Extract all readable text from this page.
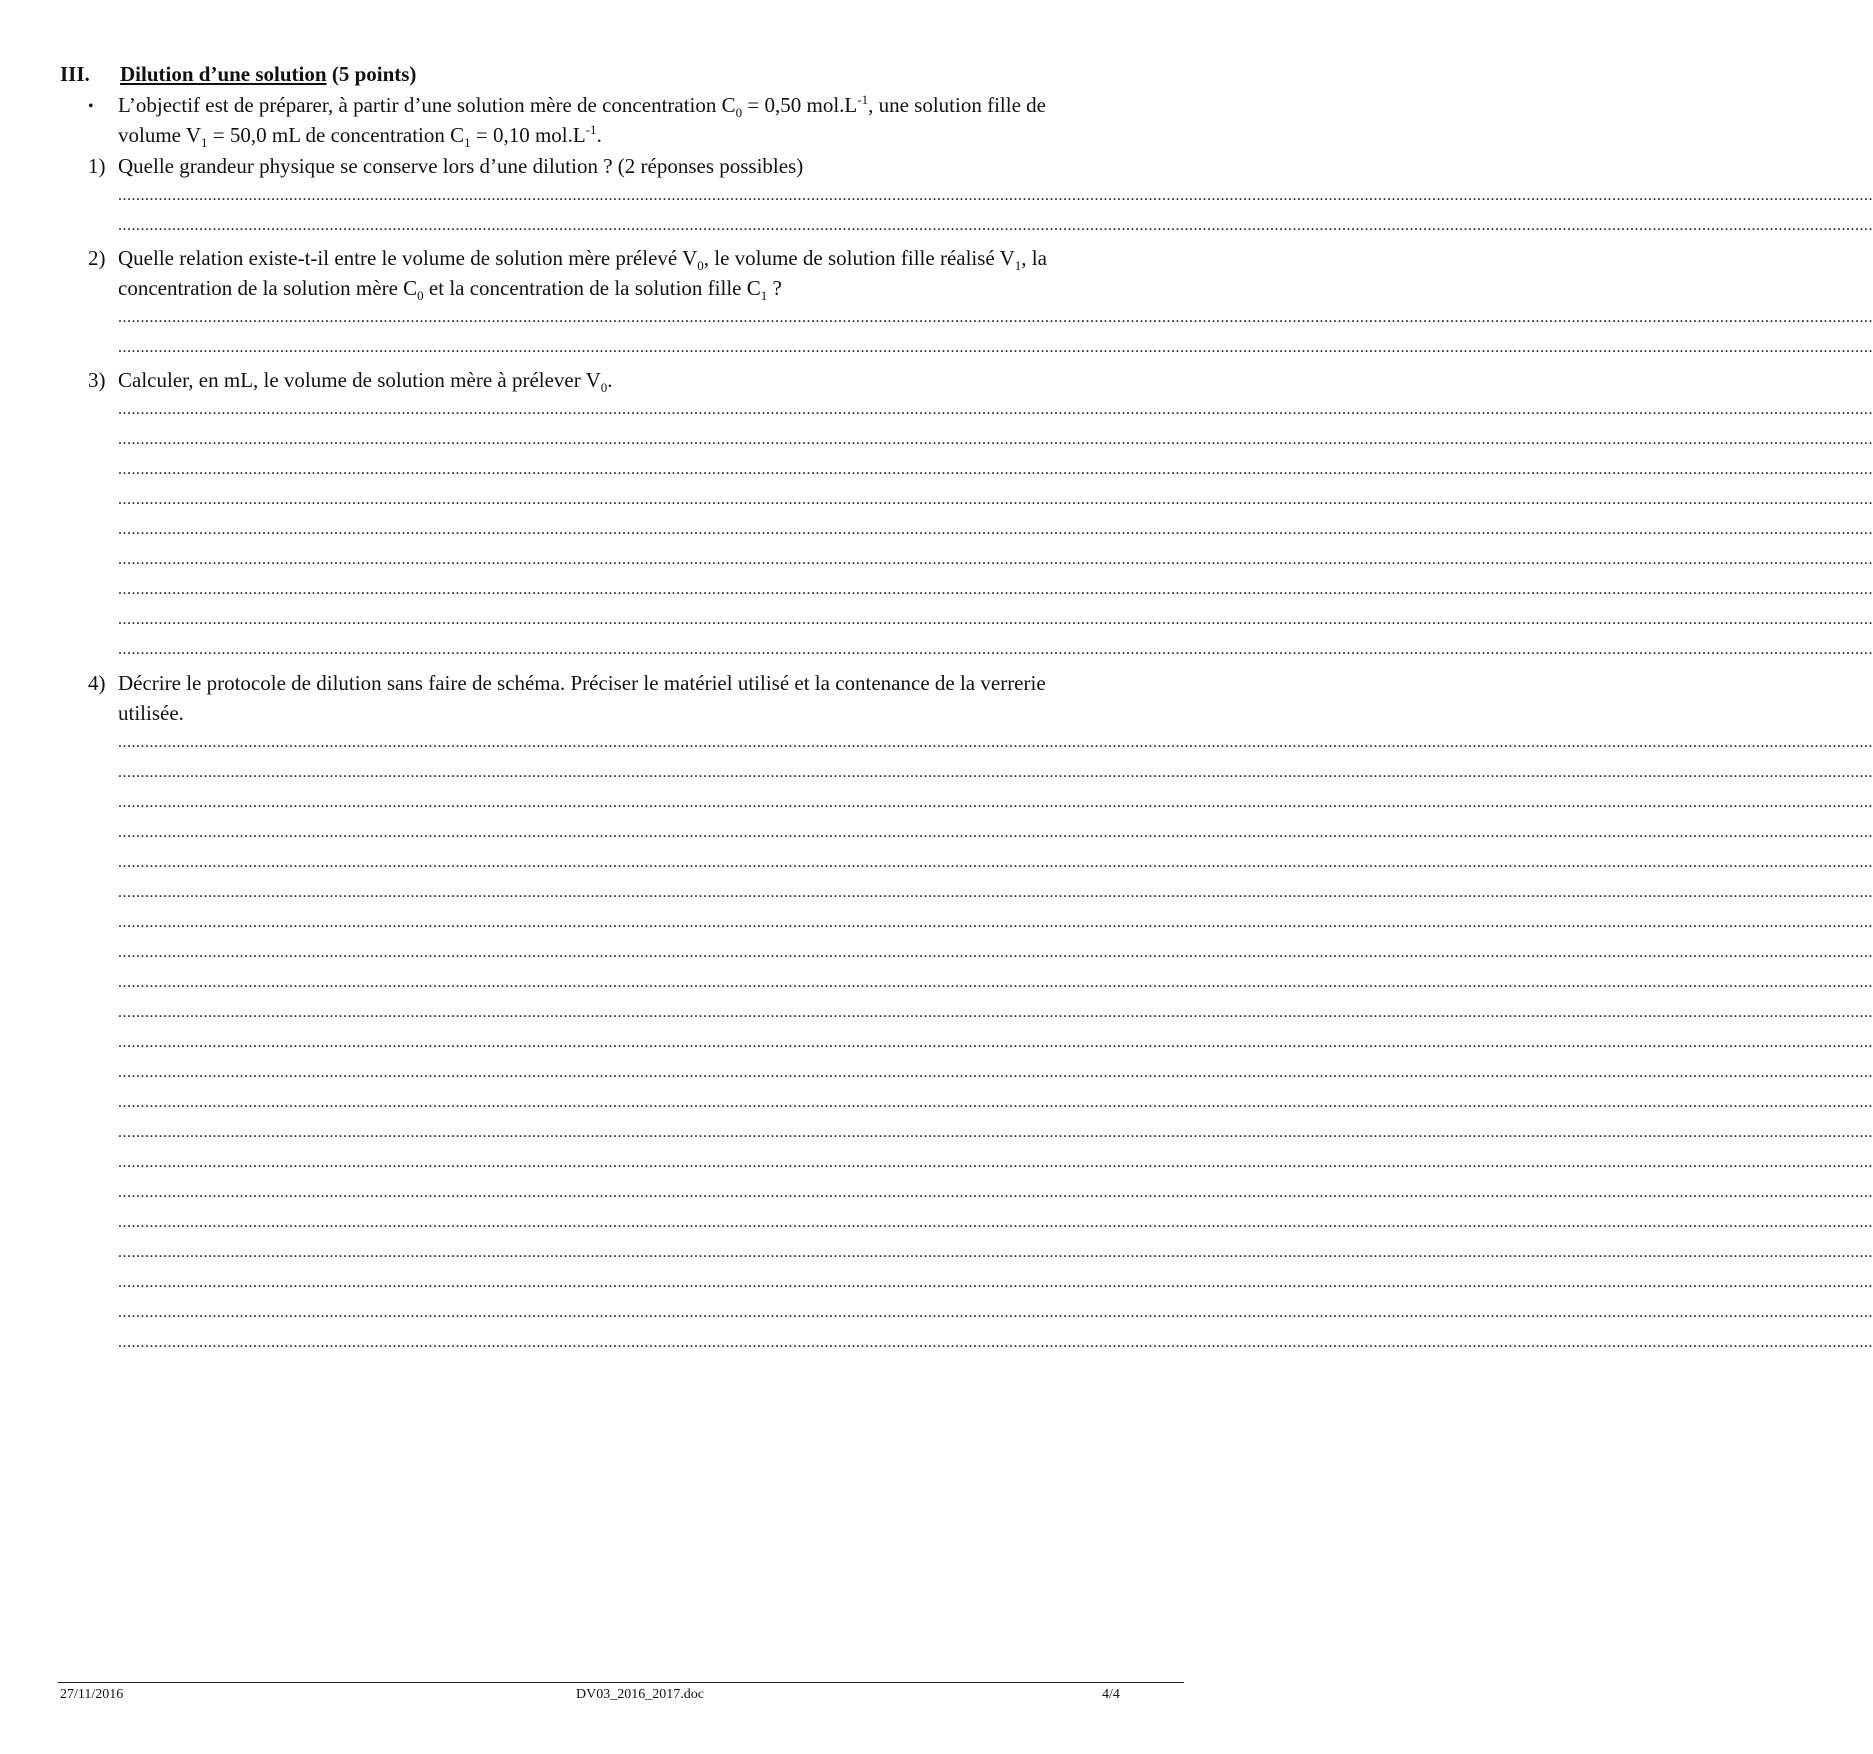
III. Dilution d’une solution (5 points)
• L’objectif est de préparer, à partir d’une solution mère de concentration $C_0 = 0,50$ $mol.L^{-1}$, une solution fille de
volume $V_1 = 50,0$ mL de concentration $C_1 = 0,10$ $mol.L^{-1}$.
1) Quelle grandeur physique se conserve lors d’une dilution ? (2 réponses possibles)
......................................................................................................................................................................................................................................................................................................................................................................................................
......................................................................................................................................................................................................................................................................................................................................................................................................
2) Quelle relation existe-t-il entre le volume de solution mère prélevé $V_0$, le volume de solution fille réalisé $V_1$, la
concentration de la solution mère $C_0$ et la concentration de la solution fille $C_1$ ?
......................................................................................................................................................................................................................................................................................................................................................................................................
......................................................................................................................................................................................................................................................................................................................................................................................................
3) Calculer, en mL, le volume de solution mère à prélever $V_0$.
......................................................................................................................................................................................................................................................................................................................................................................................................
......................................................................................................................................................................................................................................................................................................................................................................................................
......................................................................................................................................................................................................................................................................................................................................................................................................
......................................................................................................................................................................................................................................................................................................................................................................................................
......................................................................................................................................................................................................................................................................................................................................................................................................
......................................................................................................................................................................................................................................................................................................................................................................................................
......................................................................................................................................................................................................................................................................................................................................................................................................
......................................................................................................................................................................................................................................................................................................................................................................................................
......................................................................................................................................................................................................................................................................................................................................................................................................
4) Décrire le protocole de dilution sans faire de schéma. Préciser le matériel utilisé et la contenance de la verrerie
utilisée.
......................................................................................................................................................................................................................................................................................................................................................................................................
......................................................................................................................................................................................................................................................................................................................................................................................................
......................................................................................................................................................................................................................................................................................................................................................................................................
......................................................................................................................................................................................................................................................................................................................................................................................................
......................................................................................................................................................................................................................................................................................................................................................................................................
......................................................................................................................................................................................................................................................................................................................................................................................................
......................................................................................................................................................................................................................................................................................................................................................................................................
......................................................................................................................................................................................................................................................................................................................................................................................................
......................................................................................................................................................................................................................................................................................................................................................................................................
......................................................................................................................................................................................................................................................................................................................................................................................................
......................................................................................................................................................................................................................................................................................................................................................................................................
......................................................................................................................................................................................................................................................................................................................................................................................................
......................................................................................................................................................................................................................................................................................................................................................................................................
......................................................................................................................................................................................................................................................................................................................................................................................................
......................................................................................................................................................................................................................................................................................................................................................................................................
......................................................................................................................................................................................................................................................................................................................................................................................................
......................................................................................................................................................................................................................................................................................................................................................................................................
......................................................................................................................................................................................................................................................................................................................................................................................................
......................................................................................................................................................................................................................................................................................................................................................................................................
......................................................................................................................................................................................................................................................................................................................................................................................................
......................................................................................................................................................................................................................................................................................................................................................................................................
27/11/2016	DV03_2016_2017.doc	4/4
